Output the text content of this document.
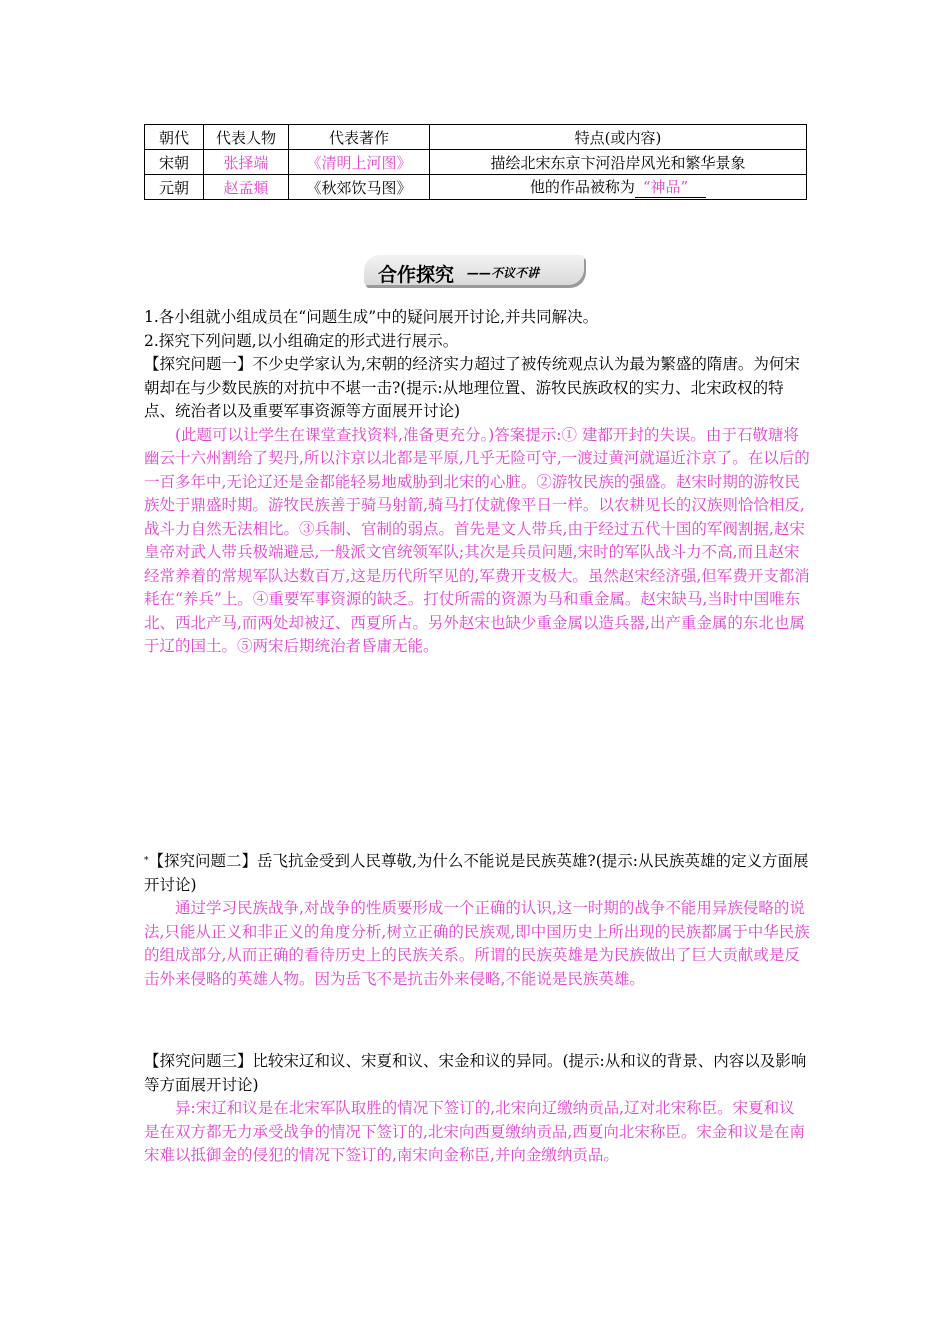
朝代	代表人物	代表著作	特点(或内容)
宋朝	张择端	《清明上河图》	描绘北宋东京卞河沿岸风光和繁华景象
元朝	赵孟頫	《秋郊饮马图》	他的作品被称为 “神品”
合作探究 ——不议不讲

1.各小组就小组成员在“问题生成”中的疑问展开讨论,并共同解决。

2.探究下列问题,以小组确定的形式进行展示。

【探究问题一】不少史学家认为,宋朝的经济实力超过了被传统观点认为最为繁盛的隋唐。为何宋朝却在与少数民族的对抗中不堪一击?(提示:从地理位置、游牧民族政权的实力、北宋政权的特点、统治者以及重要军事资源等方面展开讨论)

(此题可以让学生在课堂查找资料,准备更充分。)答案提示:① 建都开封的失误。由于石敬瑭将幽云十六州割给了契丹,所以汴京以北都是平原,几乎无险可守,一渡过黄河就逼近汴京了。在以后的一百多年中,无论辽还是金都能轻易地威胁到北宋的心脏。②游牧民族的强盛。赵宋时期的游牧民族处于鼎盛时期。游牧民族善于骑马射箭,骑马打仗就像平日一样。以农耕见长的汉族则恰恰相反,战斗力自然无法相比。③兵制、官制的弱点。首先是文人带兵,由于经过五代十国的军阀割据,赵宋皇帝对武人带兵极端避忌,一般派文官统领军队;其次是兵员问题,宋时的军队战斗力不高,而且赵宋经常养着的常规军队达数百万,这是历代所罕见的,军费开支极大。虽然赵宋经济强,但军费开支都消耗在“养兵”上。④重要军事资源的缺乏。打仗所需的资源为马和重金属。赵宋缺马,当时中国唯东北、西北产马,而两处却被辽、西夏所占。另外赵宋也缺少重金属以造兵器,出产重金属的东北也属于辽的国土。⑤两宋后期统治者昏庸无能。

*【探究问题二】岳飞抗金受到人民尊敬,为什么不能说是民族英雄?(提示:从民族英雄的定义方面展开讨论)

通过学习民族战争,对战争的性质要形成一个正确的认识,这一时期的战争不能用异族侵略的说法,只能从正义和非正义的角度分析,树立正确的民族观,即中国历史上所出现的民族都属于中华民族的组成部分,从而正确的看待历史上的民族关系。所谓的民族英雄是为民族做出了巨大贡献或是反击外来侵略的英雄人物。因为岳飞不是抗击外来侵略,不能说是民族英雄。

【探究问题三】比较宋辽和议、宋夏和议、宋金和议的异同。(提示:从和议的背景、内容以及影响等方面展开讨论)

异:宋辽和议是在北宋军队取胜的情况下签订的,北宋向辽缴纳贡品,辽对北宋称臣。宋夏和议是在双方都无力承受战争的情况下签订的,北宋向西夏缴纳贡品,西夏向北宋称臣。宋金和议是在南宋难以抵御金的侵犯的情况下签订的,南宋向金称臣,并向金缴纳贡品。
